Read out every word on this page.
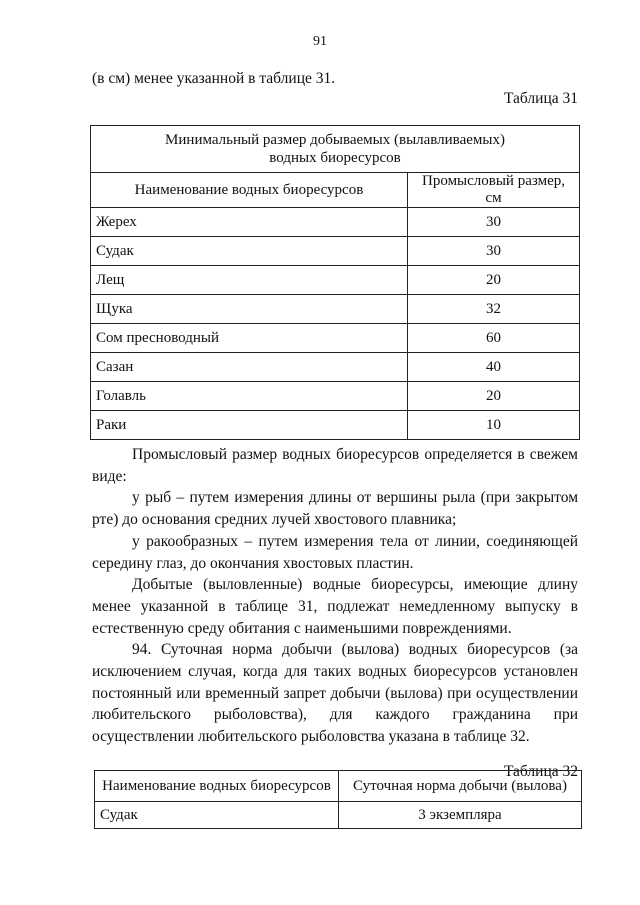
91
(в см) менее указанной в таблице 31.
Таблица 31
Минимальный размер добываемых (вылавливаемых)
водных биоресурсов	

Наименование водных биоресурсов	Промысловый размер, см
Жерех	30
Судак	30
Лещ	20
Щука	32
Сом пресноводный	60
Сазан	40
Голавль	20
Раки	10

Промысловый размер водных биоресурсов определяется в свежем виде:

у рыб – путем измерения длины от вершины рыла (при закрытом рте) до основания средних лучей хвостового плавника;

у ракообразных – путем измерения тела от линии, соединяющей середину глаз, до окончания хвостовых пластин.

Добытые (выловленные) водные биоресурсы, имеющие длину менее указанной в таблице 31, подлежат немедленному выпуску в естественную среду обитания с наименьшими повреждениями.

94. Суточная норма добычи (вылова) водных биоресурсов (за исключением случая, когда для таких водных биоресурсов установлен постоянный или временный запрет добычи (вылова) при осуществлении любительского рыболовства), для каждого гражданина при осуществлении любительского рыболовства указана в таблице 32.

Таблица 32
Наименование водных биоресурсов	Суточная норма добычи (вылова)
Судак	3 экземпляра
